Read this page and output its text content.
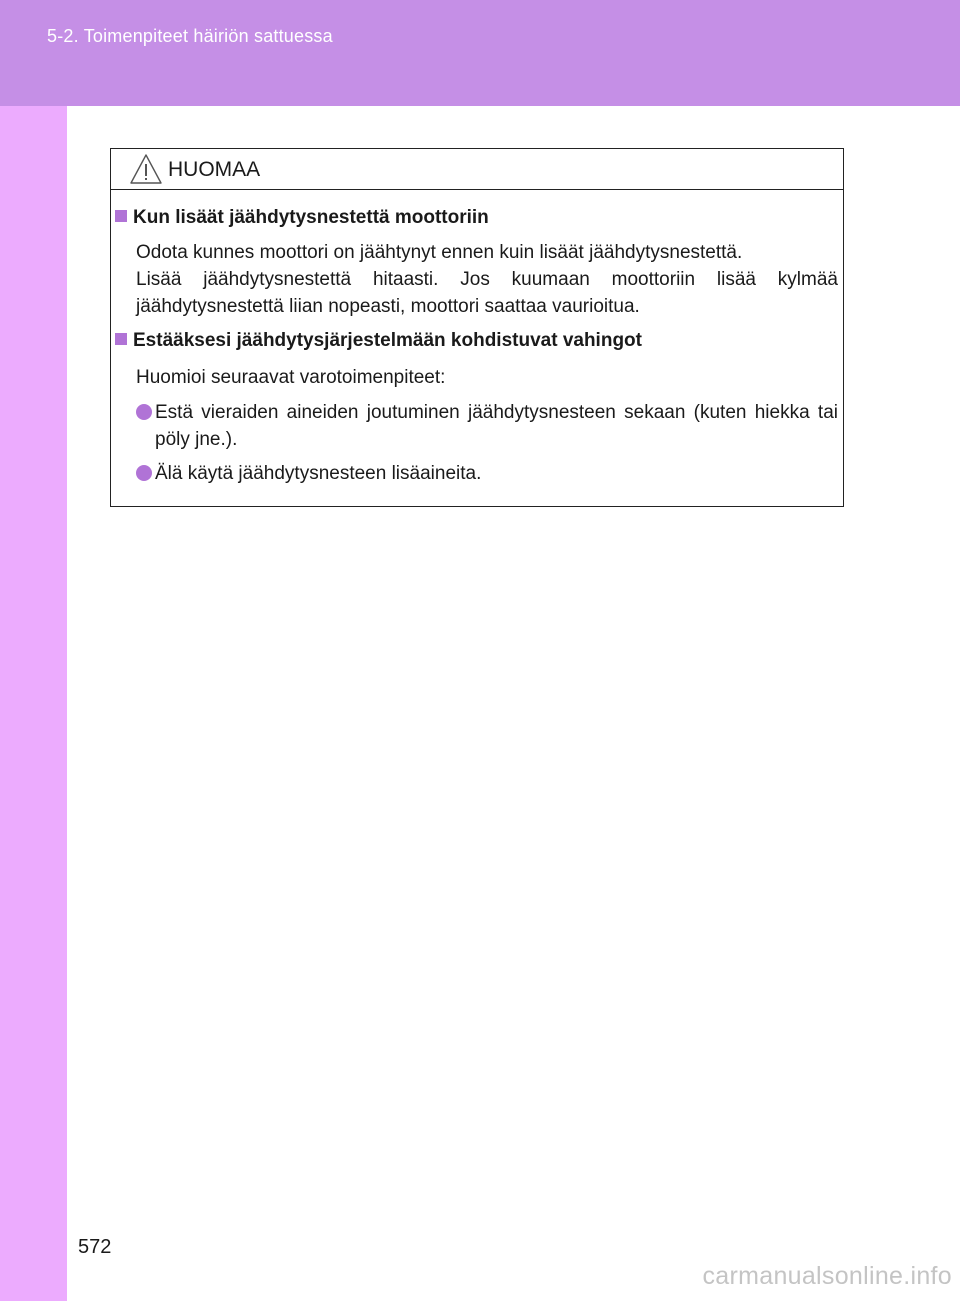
5-2. Toimenpiteet häiriön sattuessa
HUOMAA
Kun lisäät jäähdytysnestettä moottoriin
Odota kunnes moottori on jäähtynyt ennen kuin lisäät jäähdytysnestettä.
Lisää jäähdytysnestettä hitaasti. Jos kuumaan moottoriin lisää kylmää jäähdytysnestettä liian nopeasti, moottori saattaa vaurioitua.
Estääksesi jäähdytysjärjestelmään kohdistuvat vahingot
Huomioi seuraavat varotoimenpiteet:
Estä vieraiden aineiden joutuminen jäähdytysnesteen sekaan (kuten hiekka tai pöly jne.).
Älä käytä jäähdytysnesteen lisäaineita.
572
carmanualsonline.info
